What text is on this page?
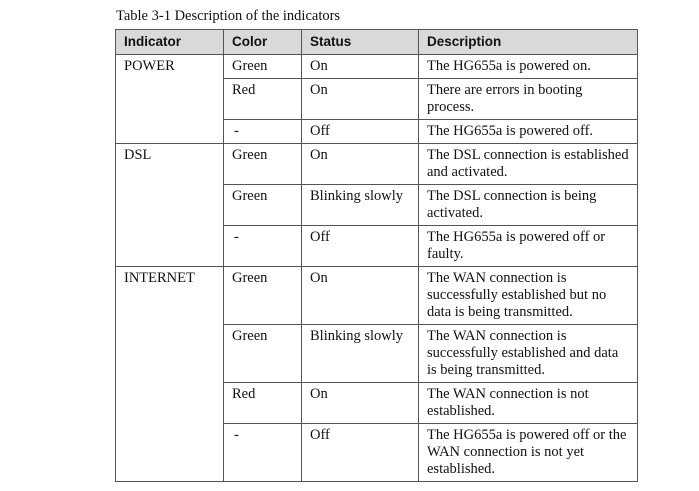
Table 3-1 Description of the indicators
Indicator	Color	Status	Description
POWER	Green	On	The HG655a is powered on.
	Red	On	There are errors in booting process.
	-	Off	The HG655a is powered off.
DSL	Green	On	The DSL connection is established and activated.
	Green	Blinking slowly	The DSL connection is being activated.
	-	Off	The HG655a is powered off or faulty.
INTERNET	Green	On	The WAN connection is successfully established but no data is being transmitted.
	Green	Blinking slowly	The WAN connection is successfully established and data is being transmitted.
	Red	On	The WAN connection is not established.
	-	Off	The HG655a is powered off or the WAN connection is not yet established.
